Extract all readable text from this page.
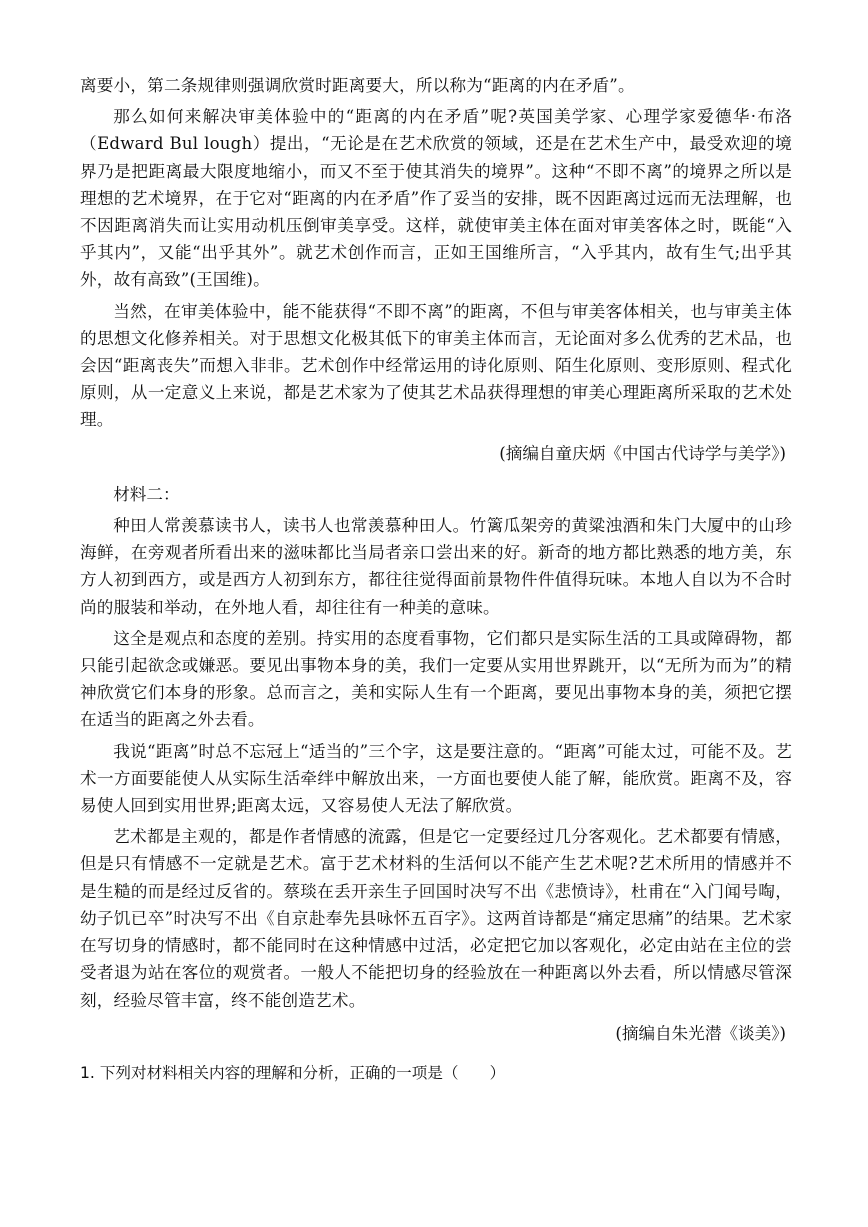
离要小，第二条规律则强调欣赏时距离要大，所以称为“距离的内在矛盾”。

那么如何来解决审美体验中的“距离的内在矛盾”呢?英国美学家、心理学家爱德华·布洛（Edward Bul lough）提出，“无论是在艺术欣赏的领域，还是在艺术生产中，最受欢迎的境界乃是把距离最大限度地缩小，而又不至于使其消失的境界”。这种“不即不离”的境界之所以是理想的艺术境界，在于它对“距离的内在矛盾”作了妥当的安排，既不因距离过远而无法理解，也不因距离消失而让实用动机压倒审美享受。这样，就使审美主体在面对审美客体之时，既能“入乎其内”，又能“出乎其外”。就艺术创作而言，正如王国维所言，“入乎其内，故有生气;出乎其外，故有高致”(王国维)。

当然，在审美体验中，能不能获得“不即不离”的距离，不但与审美客体相关，也与审美主体的思想文化修养相关。对于思想文化极其低下的审美主体而言，无论面对多么优秀的艺术品，也会因“距离丧失”而想入非非。艺术创作中经常运用的诗化原则、陌生化原则、变形原则、程式化原则，从一定意义上来说，都是艺术家为了使其艺术品获得理想的审美心理距离所采取的艺术处理。

(摘编自童庆炳《中国古代诗学与美学》)

材料二：

种田人常羡慕读书人，读书人也常羡慕种田人。竹篱瓜架旁的黄粱浊酒和朱门大厦中的山珍海鲜，在旁观者所看出来的滋味都比当局者亲口尝出来的好。新奇的地方都比熟悉的地方美，东方人初到西方，或是西方人初到东方，都往往觉得面前景物件件值得玩味。本地人自以为不合时尚的服装和举动，在外地人看，却往往有一种美的意味。

这全是观点和态度的差别。持实用的态度看事物，它们都只是实际生活的工具或障碍物，都只能引起欲念或嫌恶。要见出事物本身的美，我们一定要从实用世界跳开，以“无所为而为”的精神欣赏它们本身的形象。总而言之，美和实际人生有一个距离，要见出事物本身的美，须把它摆在适当的距离之外去看。

我说“距离”时总不忘冠上“适当的”三个字，这是要注意的。“距离”可能太过，可能不及。艺术一方面要能使人从实际生活牵绊中解放出来，一方面也要使人能了解，能欣赏。距离不及，容易使人回到实用世界;距离太远，又容易使人无法了解欣赏。

艺术都是主观的，都是作者情感的流露，但是它一定要经过几分客观化。艺术都要有情感，但是只有情感不一定就是艺术。富于艺术材料的生活何以不能产生艺术呢?艺术所用的情感并不是生糙的而是经过反省的。蔡琰在丢开亲生子回国时决写不出《悲愤诗》，杜甫在“入门闻号啕，幼子饥已卒”时决写不出《自京赴奉先县咏怀五百字》。这两首诗都是“痛定思痛”的结果。艺术家在写切身的情感时，都不能同时在这种情感中过活，必定把它加以客观化，必定由站在主位的尝受者退为站在客位的观赏者。一般人不能把切身的经验放在一种距离以外去看，所以情感尽管深刻，经验尽管丰富，终不能创造艺术。

(摘编自朱光潜《谈美》)

1. 下列对材料相关内容的理解和分析，正确的一项是（　　）
